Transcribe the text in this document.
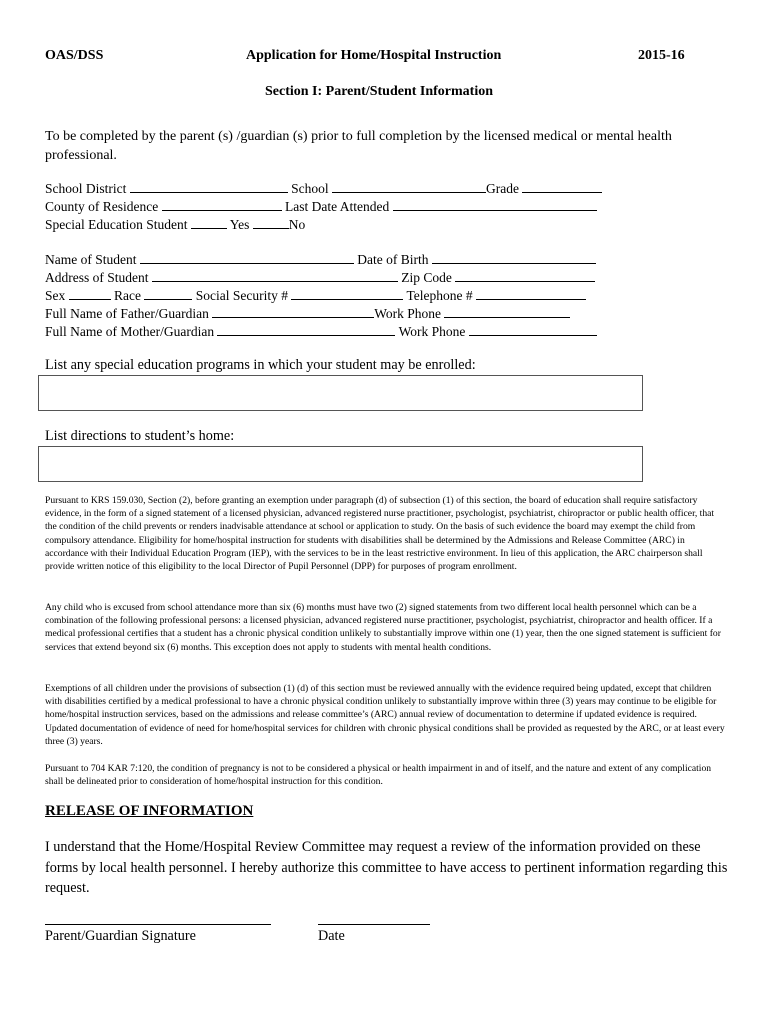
OAS/DSS	Application for Home/Hospital Instruction	2015-16
Section I: Parent/Student Information
To be completed by the parent (s) /guardian (s) prior to full completion by the licensed medical or mental health professional.
School District	School	Grade
County of Residence	Last Date Attended
Special Education Student	Yes	No
Name of Student	Date of Birth
Address of Student	Zip Code
Sex	Race	Social Security #	Telephone #
Full Name of Father/Guardian	Work Phone
Full Name of Mother/Guardian	Work Phone
List any special education programs in which your student may be enrolled:
List directions to student’s home:
Pursuant to KRS 159.030, Section (2), before granting an exemption under paragraph (d) of subsection (1) of this section, the board of education shall require satisfactory evidence, in the form of a signed statement of a licensed physician, advanced registered nurse practitioner, psychologist, psychiatrist, chiropractor or public health officer, that the condition of the child prevents or renders inadvisable attendance at school or application to study. On the basis of such evidence the board may exempt the child from compulsory attendance. Eligibility for home/hospital instruction for students with disabilities shall be determined by the Admissions and Release Committee (ARC) in accordance with their Individual Education Program (IEP), with the services to be in the least restrictive environment. In lieu of this application, the ARC chairperson shall provide written notice of this eligibility to the local Director of Pupil Personnel (DPP) for purposes of program enrollment.
Any child who is excused from school attendance more than six (6) months must have two (2) signed statements from two different local health personnel which can be a combination of the following professional persons: a licensed physician, advanced registered nurse practitioner, psychologist, psychiatrist, chiropractor and health officer. If a medical professional certifies that a student has a chronic physical condition unlikely to substantially improve within one (1) year, then the one signed statement is sufficient for services that extend beyond six (6) months. This exception does not apply to students with mental health conditions.
Exemptions of all children under the provisions of subsection (1) (d) of this section must be reviewed annually with the evidence required being updated, except that children with disabilities certified by a medical professional to have a chronic physical condition unlikely to substantially improve within three (3) years may continue to be eligible for home/hospital instruction services, based on the admissions and release committee’s (ARC) annual review of documentation to determine if updated evidence is required. Updated documentation of evidence of need for home/hospital services for children with chronic physical conditions shall be provided as requested by the ARC, or at least every three (3) years.
Pursuant to 704 KAR 7:120, the condition of pregnancy is not to be considered a physical or health impairment in and of itself, and the nature and extent of any complication shall be delineated prior to consideration of home/hospital instruction for this condition.
RELEASE OF INFORMATION
I understand that the Home/Hospital Review Committee may request a review of the information provided on these forms by local health personnel. I hereby authorize this committee to have access to pertinent information regarding this request.
Parent/Guardian Signature	Date
